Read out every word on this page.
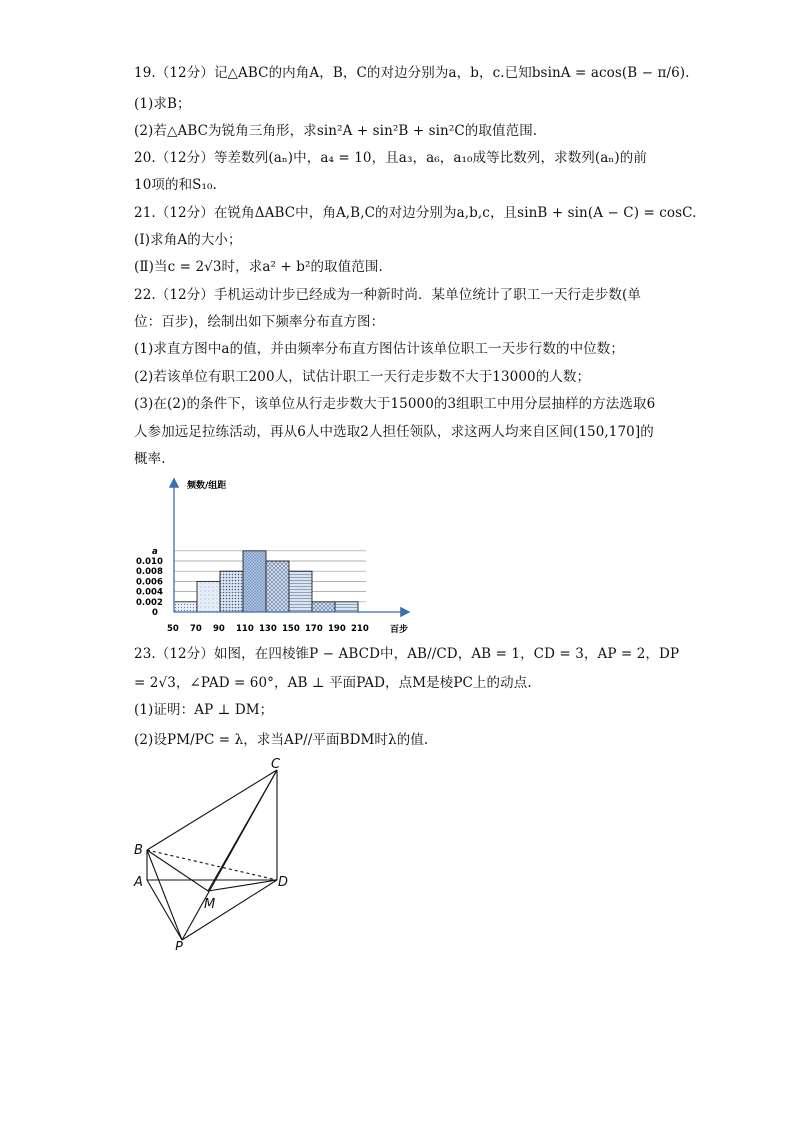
19.（12分）记△ABC的内角A，B，C的对边分别为a，b，c.已知bsinA = acos(B − π/6).
(1)求B；
(2)若△ABC为锐角三角形，求sin²A + sin²B + sin²C的取值范围.
20.（12分）等差数列(aₙ)中，a₄ = 10，且a₃，a₆，a₁₀成等比数列，求数列(aₙ)的前
10项的和S₁₀.
21.（12分）在锐角ΔABC中，角A,B,C的对边分别为a,b,c，且sinB + sin(A − C) = cosC.
(Ⅰ)求角A的大小；
(Ⅱ)当c = 2√3时，求a² + b²的取值范围.
22.（12分）手机运动计步已经成为一种新时尚．某单位统计了职工一天行走步数(单
位：百步)，绘制出如下频率分布直方图：
(1)求直方图中a的值，并由频率分布直方图估计该单位职工一天步行数的中位数；
(2)若该单位有职工200人，试估计职工一天行走步数不大于13000的人数；
(3)在(2)的条件下，该单位从行走步数大于15000的3组职工中用分层抽样的方法选取6
人参加远足拉练活动，再从6人中选取2人担任领队，求这两人均来自区间(150,170]的
概率.
频数/组距
百步
0
0.002
0.004
0.006
0.008
0.010
a
50 70 90 110 130 150 170 190 210
23.（12分）如图，在四棱锥P − ABCD中，AB//CD，AB = 1，CD = 3，AP = 2，DP
= 2√3，∠PAD = 60°，AB ⊥ 平面PAD，点M是棱PC上的动点.
(1)证明：AP ⊥ DM；
(2)设PM/PC = λ，求当AP//平面BDM时λ的值.
C
B
A	D
M
P
